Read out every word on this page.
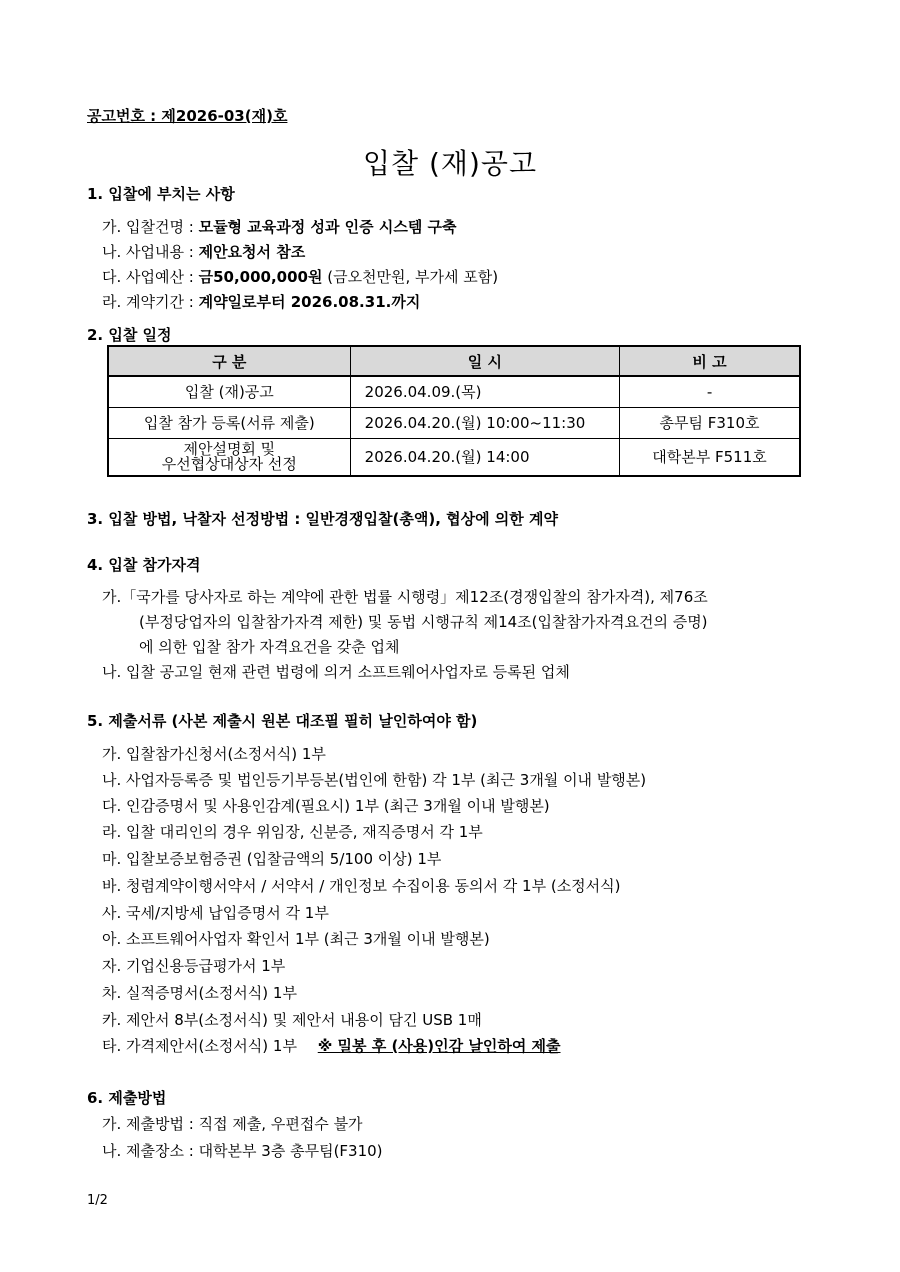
공고번호 : 제2026-03(재)호
입찰 (재)공고
1. 입찰에 부치는 사항
가. 입찰건명 : 모듈형 교육과정 성과 인증 시스템 구축
나. 사업내용 : 제안요청서 참조
다. 사업예산 : 금50,000,000원 (금오천만원, 부가세 포함)
라. 계약기간 : 계약일로부터 2026.08.31.까지
2. 입찰 일정
구 분	일 시	비 고
입찰 (재)공고	2026.04.09.(목)	-
입찰 참가 등록(서류 제출)	2026.04.20.(월) 10:00~11:30	총무팀 F310호

제안설명회 및
우선협상대상자 선정	2026.04.20.(월) 14:00	대학본부 F511호
3. 입찰 방법, 낙찰자 선정방법 : 일반경쟁입찰(총액), 협상에 의한 계약
4. 입찰 참가자격
가.「국가를 당사자로 하는 계약에 관한 법률 시행령」제12조(경쟁입찰의 참가자격), 제76조
(부정당업자의 입찰참가자격 제한) 및 동법 시행규칙 제14조(입찰참가자격요건의 증명)
에 의한 입찰 참가 자격요건을 갖춘 업체
나. 입찰 공고일 현재 관련 법령에 의거 소프트웨어사업자로 등록된 업체
5. 제출서류 (사본 제출시 원본 대조필 필히 날인하여야 함)
가. 입찰참가신청서(소정서식) 1부
나. 사업자등록증 및 법인등기부등본(법인에 한함) 각 1부 (최근 3개월 이내 발행본)
다. 인감증명서 및 사용인감계(필요시) 1부 (최근 3개월 이내 발행본)
라. 입찰 대리인의 경우 위임장, 신분증, 재직증명서 각 1부
마. 입찰보증보험증권 (입찰금액의 5/100 이상) 1부
바. 청렴계약이행서약서 / 서약서 / 개인정보 수집이용 동의서 각 1부 (소정서식)
사. 국세/지방세 납입증명서 각 1부
아. 소프트웨어사업자 확인서 1부 (최근 3개월 이내 발행본)
자. 기업신용등급평가서 1부
차. 실적증명서(소정서식) 1부
카. 제안서 8부(소정서식) 및 제안서 내용이 담긴 USB 1매
타. 가격제안서(소정서식) 1부 ※ 밀봉 후 (사용)인감 날인하여 제출
6. 제출방법
가. 제출방법 : 직접 제출, 우편접수 불가
나. 제출장소 : 대학본부 3층 총무팀(F310)
1/2
